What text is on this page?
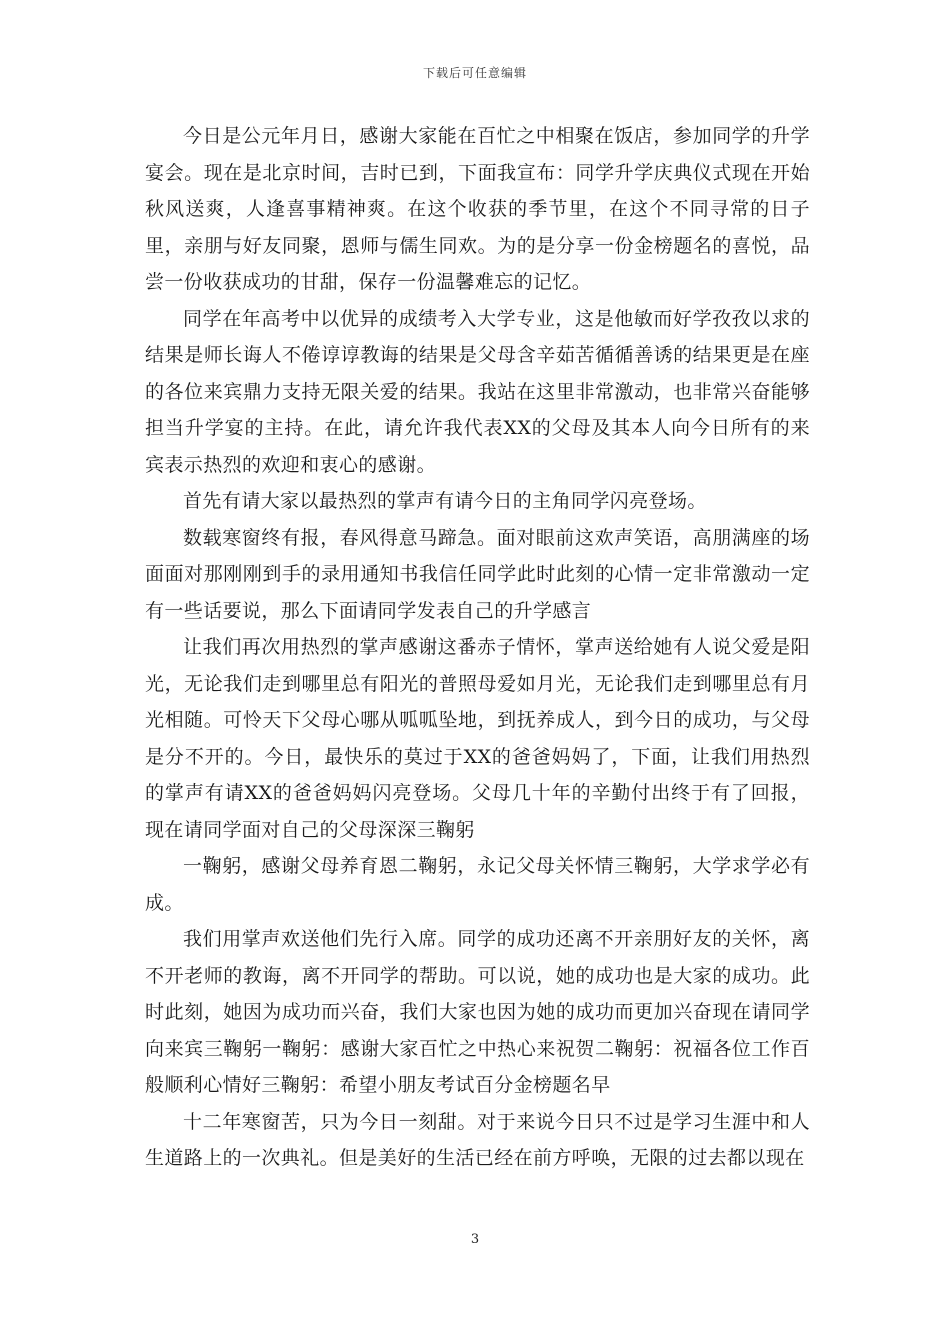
下载后可任意编辑

今日是公元年月日，感谢大家能在百忙之中相聚在饭店，参加同学的升学宴会。现在是北京时间，吉时已到，下面我宣布：同学升学庆典仪式现在开始秋风送爽，人逢喜事精神爽。在这个收获的季节里，在这个不同寻常的日子里，亲朋与好友同聚，恩师与儒生同欢。为的是分享一份金榜题名的喜悦，品尝一份收获成功的甘甜，保存一份温馨难忘的记忆。

同学在年高考中以优异的成绩考入大学专业，这是他敏而好学孜孜以求的结果是师长诲人不倦谆谆教诲的结果是父母含辛茹苦循循善诱的结果更是在座的各位来宾鼎力支持无限关爱的结果。我站在这里非常激动，也非常兴奋能够担当升学宴的主持。在此，请允许我代表XX的父母及其本人向今日所有的来宾表示热烈的欢迎和衷心的感谢。

首先有请大家以最热烈的掌声有请今日的主角同学闪亮登场。

数载寒窗终有报，春风得意马蹄急。面对眼前这欢声笑语，高朋满座的场面面对那刚刚到手的录用通知书我信任同学此时此刻的心情一定非常激动一定有一些话要说，那么下面请同学发表自己的升学感言

让我们再次用热烈的掌声感谢这番赤子情怀，掌声送给她有人说父爱是阳光，无论我们走到哪里总有阳光的普照母爱如月光，无论我们走到哪里总有月光相随。可怜天下父母心哪从呱呱坠地，到抚养成人，到今日的成功，与父母是分不开的。今日，最快乐的莫过于XX的爸爸妈妈了，下面，让我们用热烈的掌声有请XX的爸爸妈妈闪亮登场。父母几十年的辛勤付出终于有了回报，现在请同学面对自己的父母深深三鞠躬

一鞠躬，感谢父母养育恩二鞠躬，永记父母关怀情三鞠躬，大学求学必有成。

我们用掌声欢送他们先行入席。同学的成功还离不开亲朋好友的关怀，离不开老师的教诲，离不开同学的帮助。可以说，她的成功也是大家的成功。此时此刻，她因为成功而兴奋，我们大家也因为她的成功而更加兴奋现在请同学向来宾三鞠躬一鞠躬：感谢大家百忙之中热心来祝贺二鞠躬：祝福各位工作百般顺利心情好三鞠躬：希望小朋友考试百分金榜题名早

十二年寒窗苦，只为今日一刻甜。对于来说今日只不过是学习生涯中和人生道路上的一次典礼。但是美好的生活已经在前方呼唤，无限的过去都以现在

3
